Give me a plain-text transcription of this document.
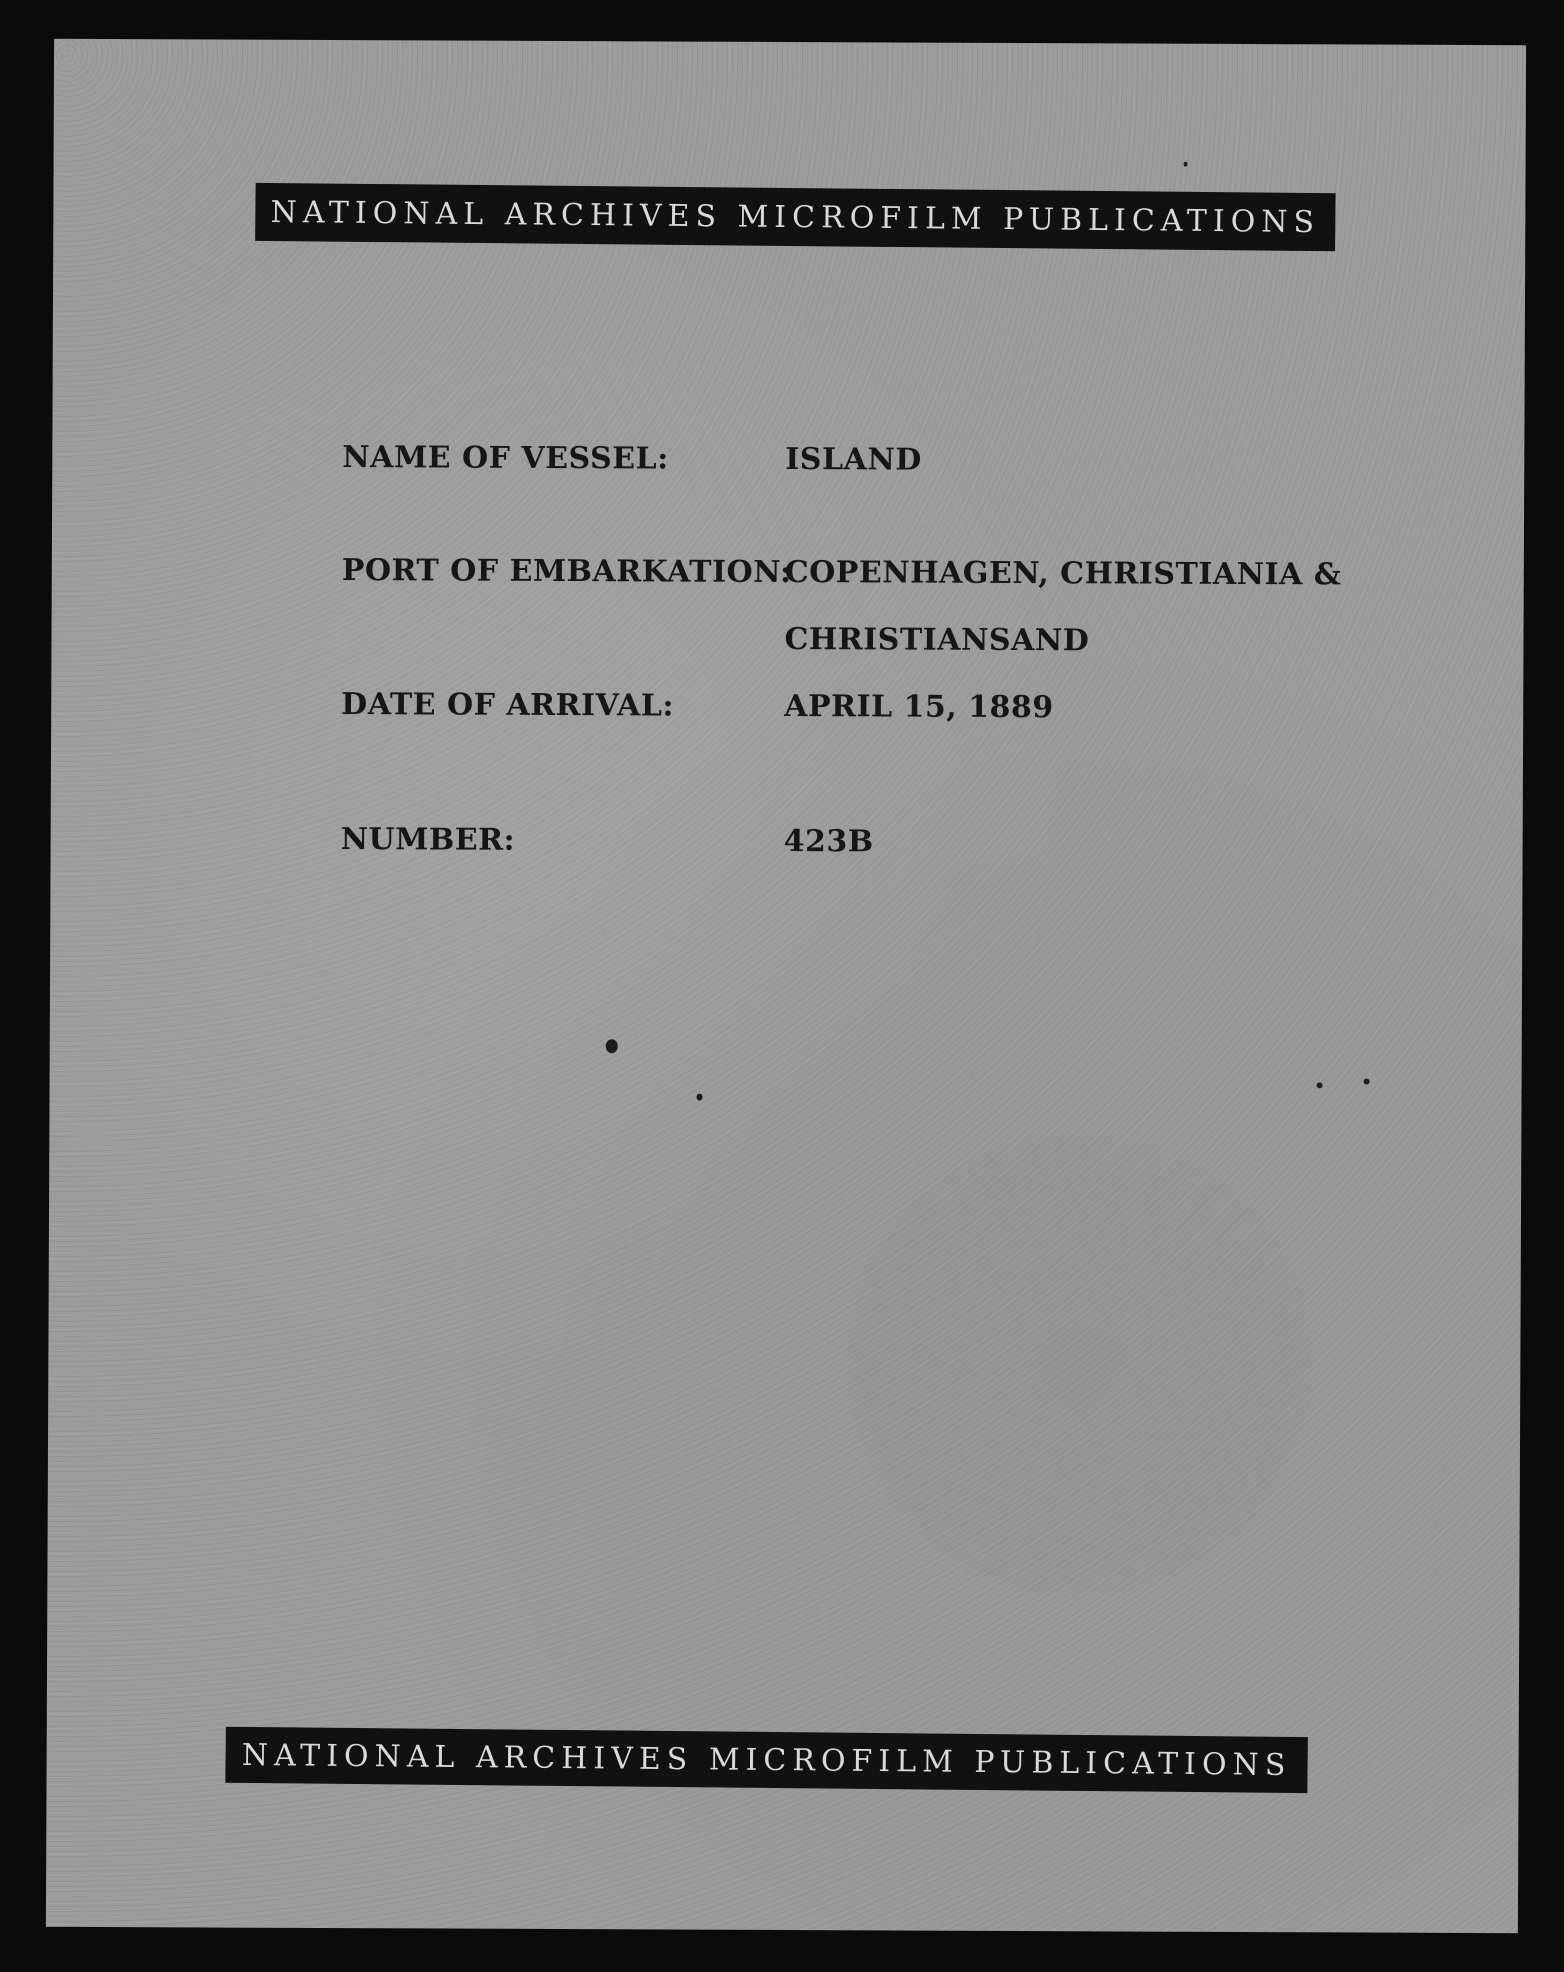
NATIONAL ARCHIVES MICROFILM PUBLICATIONS
NAME OF VESSEL:	ISLAND
PORT OF EMBARKATION:
COPENHAGEN, CHRISTIANIA &
CHRISTIANSAND
DATE OF ARRIVAL:	APRIL 15, 1889
NUMBER:	423B
NATIONAL ARCHIVES MICROFILM PUBLICATIONS
